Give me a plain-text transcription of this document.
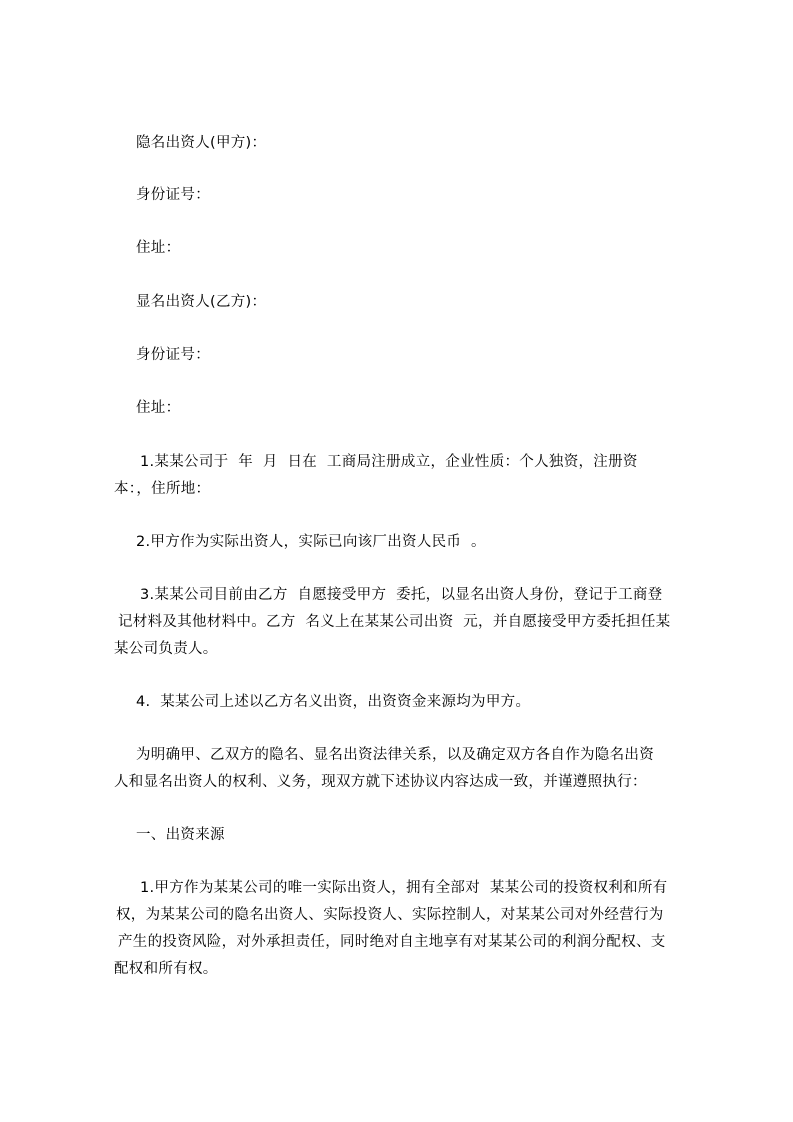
隐名出资人(甲方)：
身份证号：
住址：
显名出资人(乙方)：
身份证号：
住址：
1.某某公司于  年  月  日在  工商局注册成立，企业性质：个人独资，注册资
本：，住所地：
2.甲方作为实际出资人，实际已向该厂出资人民币  。
3.某某公司目前由乙方  自愿接受甲方  委托，以显名出资人身份，登记于工商登
记材料及其他材料中。乙方  名义上在某某公司出资  元，并自愿接受甲方委托担任某
某公司负责人。
4.  某某公司上述以乙方名义出资，出资资金来源均为甲方。
为明确甲、乙双方的隐名、显名出资法律关系，以及确定双方各自作为隐名出资
人和显名出资人的权利、义务，现双方就下述协议内容达成一致，并谨遵照执行：
一、出资来源
1.甲方作为某某公司的唯一实际出资人，拥有全部对  某某公司的投资权利和所有
权，为某某公司的隐名出资人、实际投资人、实际控制人，对某某公司对外经营行为
产生的投资风险，对外承担责任，同时绝对自主地享有对某某公司的利润分配权、支
配权和所有权。
